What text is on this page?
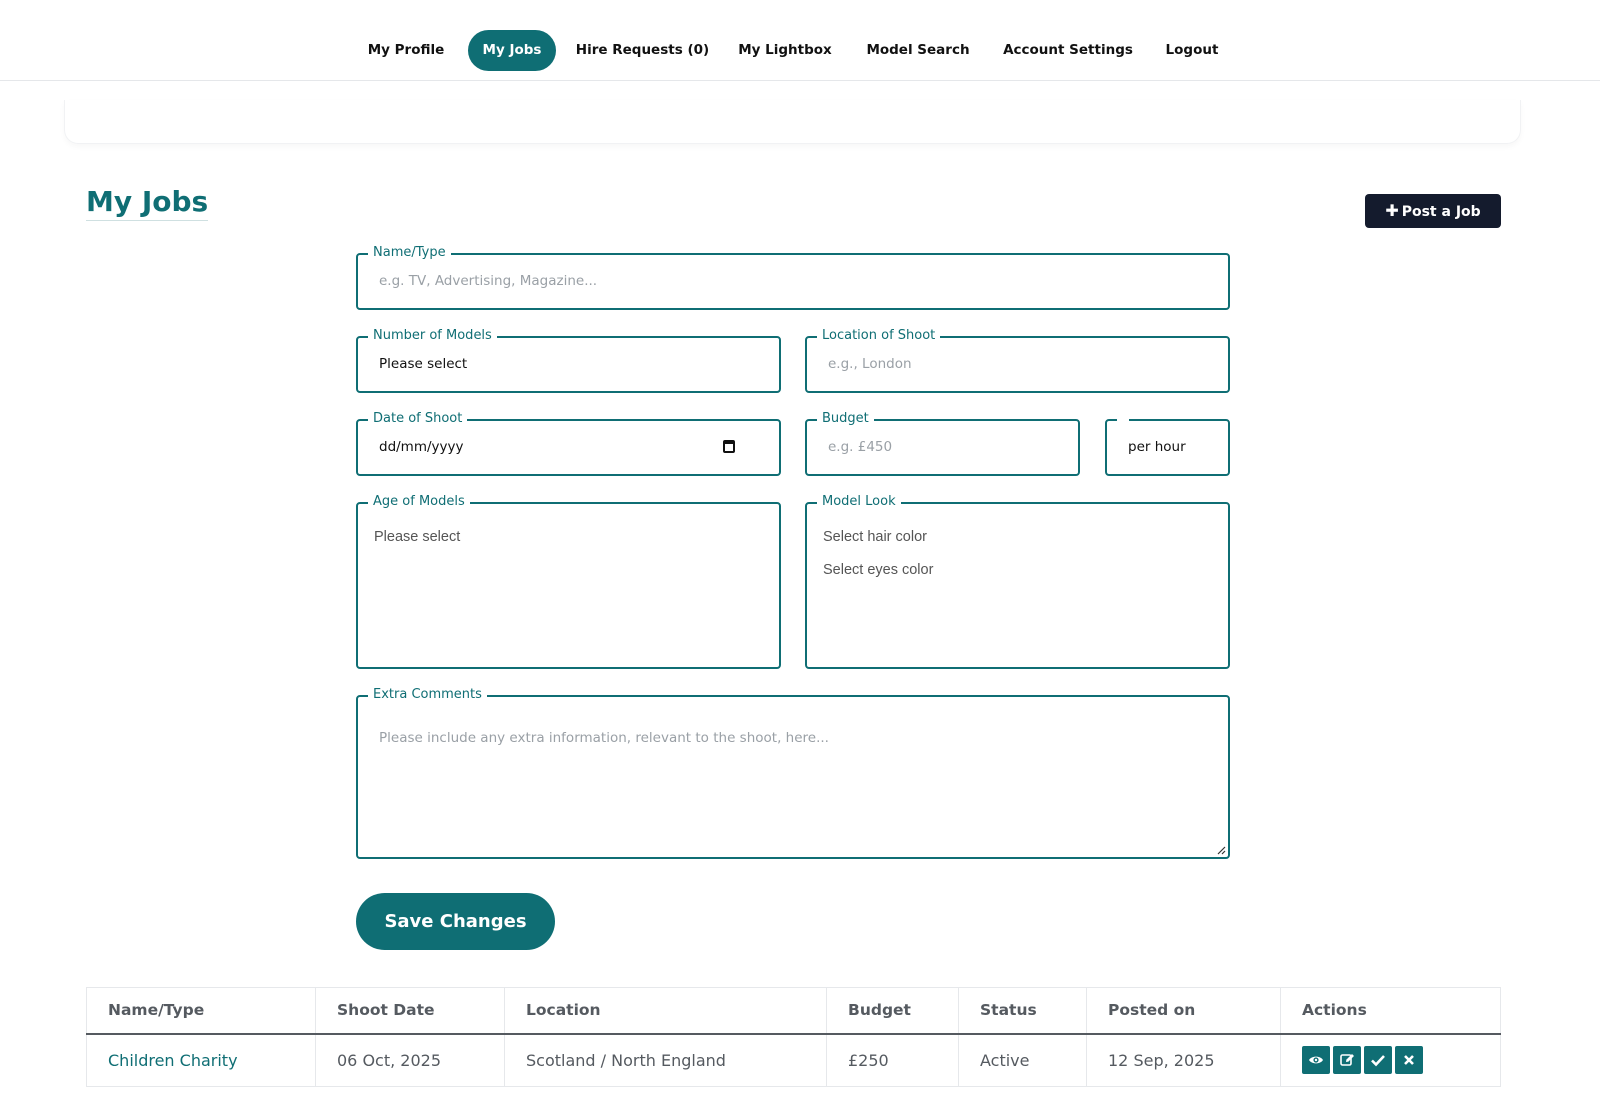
My Profile	My Jobs	Hire Requests (0)	My Lightbox	Model Search	Account Settings	Logout
My Jobs	✚ Post a Job
Name/Type
e.g. TV, Advertising, Magazine...
Number of Models
Please select
Location of Shoot
e.g., London
Date of Shoot
dd/mm/yyyy
Budget
e.g. £450	per hour
Age of Models
Please select
Model Look
Select hair color
Select eyes color
Extra Comments
Please include any extra information, relevant to the shoot, here...
Save Changes
Name/Type	Shoot Date	Location	Budget	Status	Posted on	Actions
Children Charity	06 Oct, 2025	Scotland / North England	£250	Active	12 Sep, 2025	
